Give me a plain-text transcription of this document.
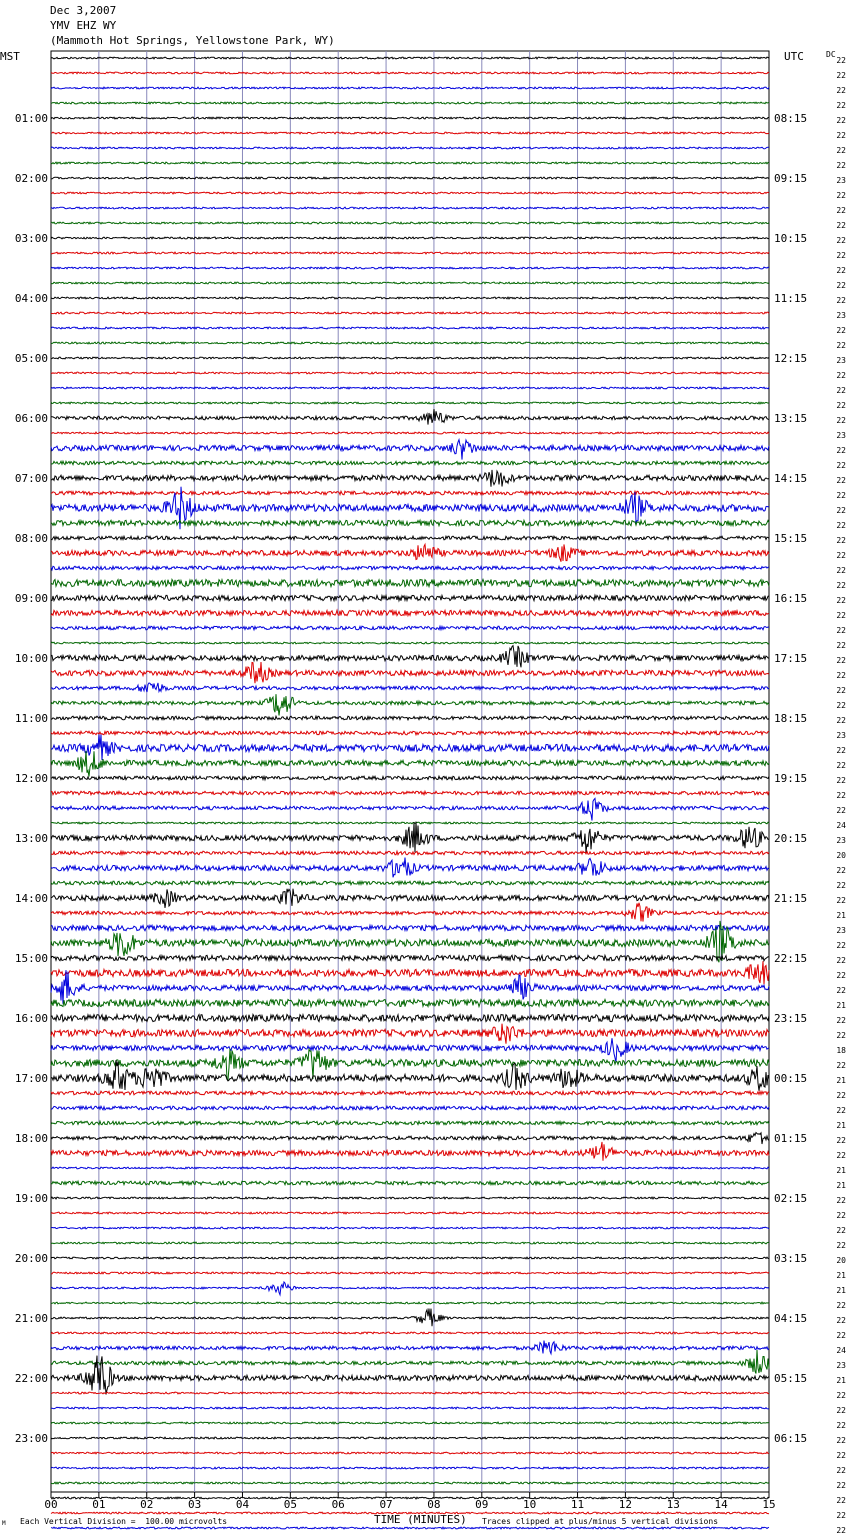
Dec 3,2007
YMV EHZ WY
(Mammoth Hot Springs, Yellowstone Park, WY)
MST	UTC	DC
00	01	02	03	04	05	06	07	08	09	10	11	12	13	14	15
22
22
22
22
22
22
22
22
23
22
22
22
22
22
22
22
22
23
22
22
23
22
22
22
22
23
22
22
22
22
22
22
22
22
22
22
22
22
22
22
22
22
22
22
22
23
22
22
22
22
22
24
23
20
22
22
22
21
23
22
22
22
22
21
22
22
18
22
21
22
22
21
22
22
21
21
22
22
22
22
20
21
21
22
22
22
24
23
21
22
22
22
22
22
22
22
22
22
22
01:00
02:00
03:00
04:00
05:00
06:00
07:00
08:00
09:00
10:00
11:00
12:00
13:00
14:00
15:00
16:00
17:00
18:00
19:00
20:00
21:00
22:00
23:00
08:15
09:15
10:15
11:15
12:15
13:15
14:15
15:15
16:15
17:15
18:15
19:15
20:15
21:15
22:15
23:15
00:15
01:15
02:15
03:15
04:15
05:15
06:15
TIME (MINUTES)
M Each Vertical Division =  100.00 microvolts	Traces clipped at plus/minus 5 vertical divisions
